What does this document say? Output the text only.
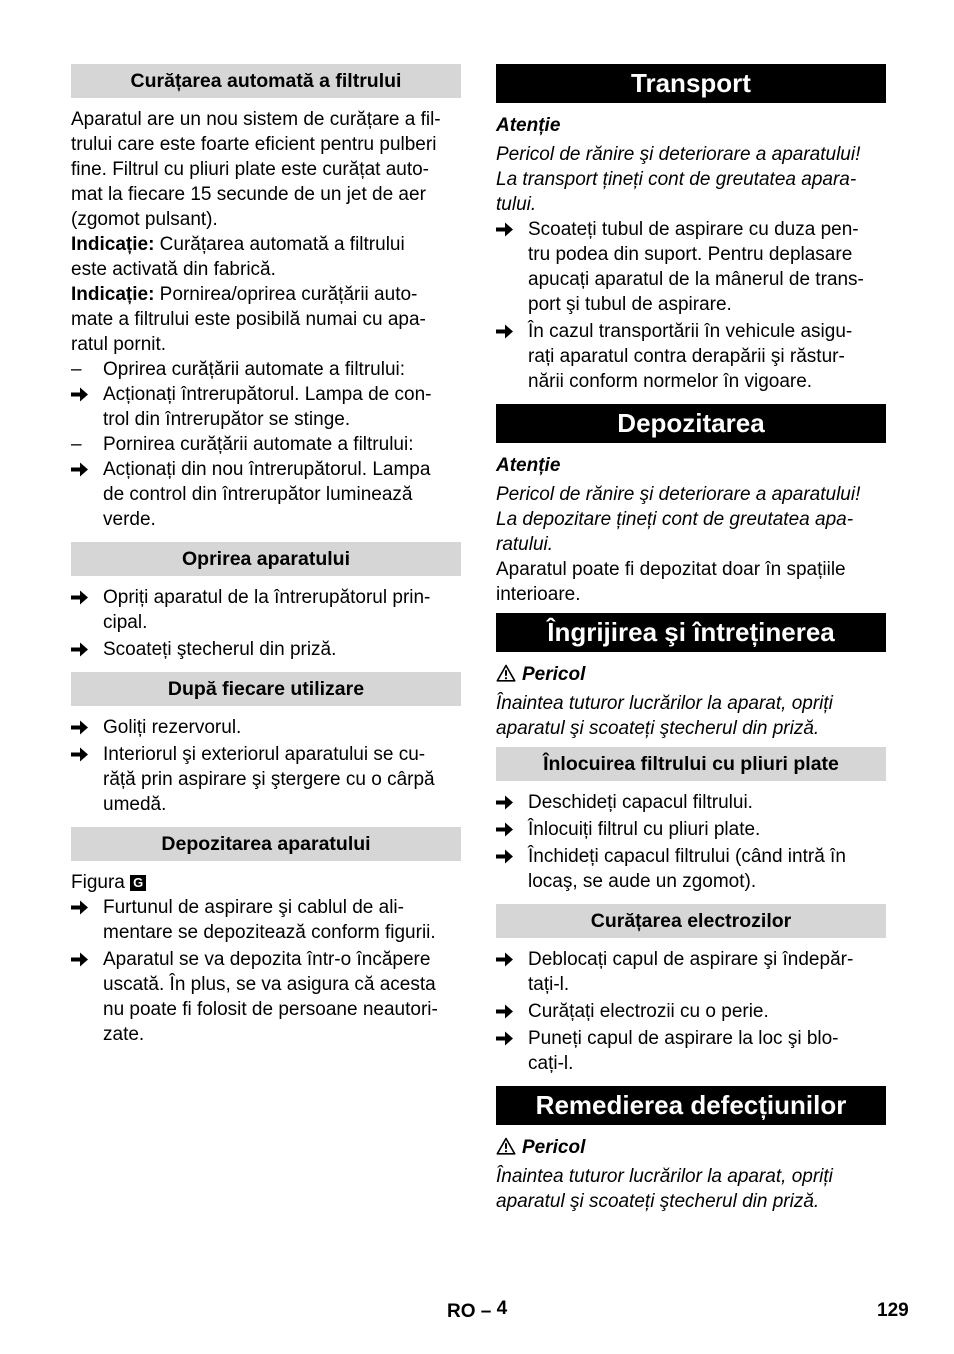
Curățarea automată a filtrului

Aparatul are un nou sistem de curățare a fil-

trului care este foarte eficient pentru pulberi

fine. Filtrul cu pliuri plate este curățat auto-

mat la fiecare 15 secunde de un jet de aer

(zgomot pulsant).

Indicație: Curățarea automată a filtrului

este activată din fabrică.

Indicație: Pornirea/oprirea curățării auto-

mate a filtrului este posibilă numai cu apa-

ratul pornit.

– Oprirea curățării automate a filtrului:

Acționați întrerupătorul. Lampa de con-

trol din întrerupător se stinge.

– Pornirea curățării automate a filtrului:

Acționați din nou întrerupătorul. Lampa

de control din întrerupător luminează

verde.

Oprirea aparatului

Opriți aparatul de la întrerupătorul prin-

cipal.

Scoateți ştecherul din priză.

După fiecare utilizare

Goliți rezervorul.

Interiorul şi exteriorul aparatului se cu-

răță prin aspirare şi ştergere cu o cârpă

umedă.

Depozitarea aparatului

Figura G

Furtunul de aspirare şi cablul de ali-

mentare se depozitează conform figurii.

Aparatul se va depozita într-o încăpere

uscată. În plus, se va asigura că acesta

nu poate fi folosit de persoane neautori-

zate.

Transport

Atenție

Pericol de rănire şi deteriorare a aparatului!

La transport țineți cont de greutatea apara-

tului.

Scoateți tubul de aspirare cu duza pen-

tru podea din suport. Pentru deplasare

apucați aparatul de la mânerul de trans-

port şi tubul de aspirare.

În cazul transportării în vehicule asigu-

rați aparatul contra derapării şi răstur-

nării conform normelor în vigoare.

Depozitarea

Atenție

Pericol de rănire şi deteriorare a aparatului!

La depozitare țineți cont de greutatea apa-

ratului.

Aparatul poate fi depozitat doar în spațiile

interioare.

Îngrijirea şi întreținerea

Pericol

Înaintea tuturor lucrărilor la aparat, opriți

aparatul şi scoateți ştecherul din priză.

Înlocuirea filtrului cu pliuri plate

Deschideți capacul filtrului.

Înlocuiți filtrul cu pliuri plate.

Închideți capacul filtrului (când intră în

locaş, se aude un zgomot).

Curățarea electrozilor

Deblocați capul de aspirare şi îndepăr-

tați-l.

Curățați electrozii cu o perie.

Puneți capul de aspirare la loc şi blo-

cați-l.

Remedierea defecțiunilor

Pericol

Înaintea tuturor lucrărilor la aparat, opriți

aparatul şi scoateți ştecherul din priză.

RO – 4	129
